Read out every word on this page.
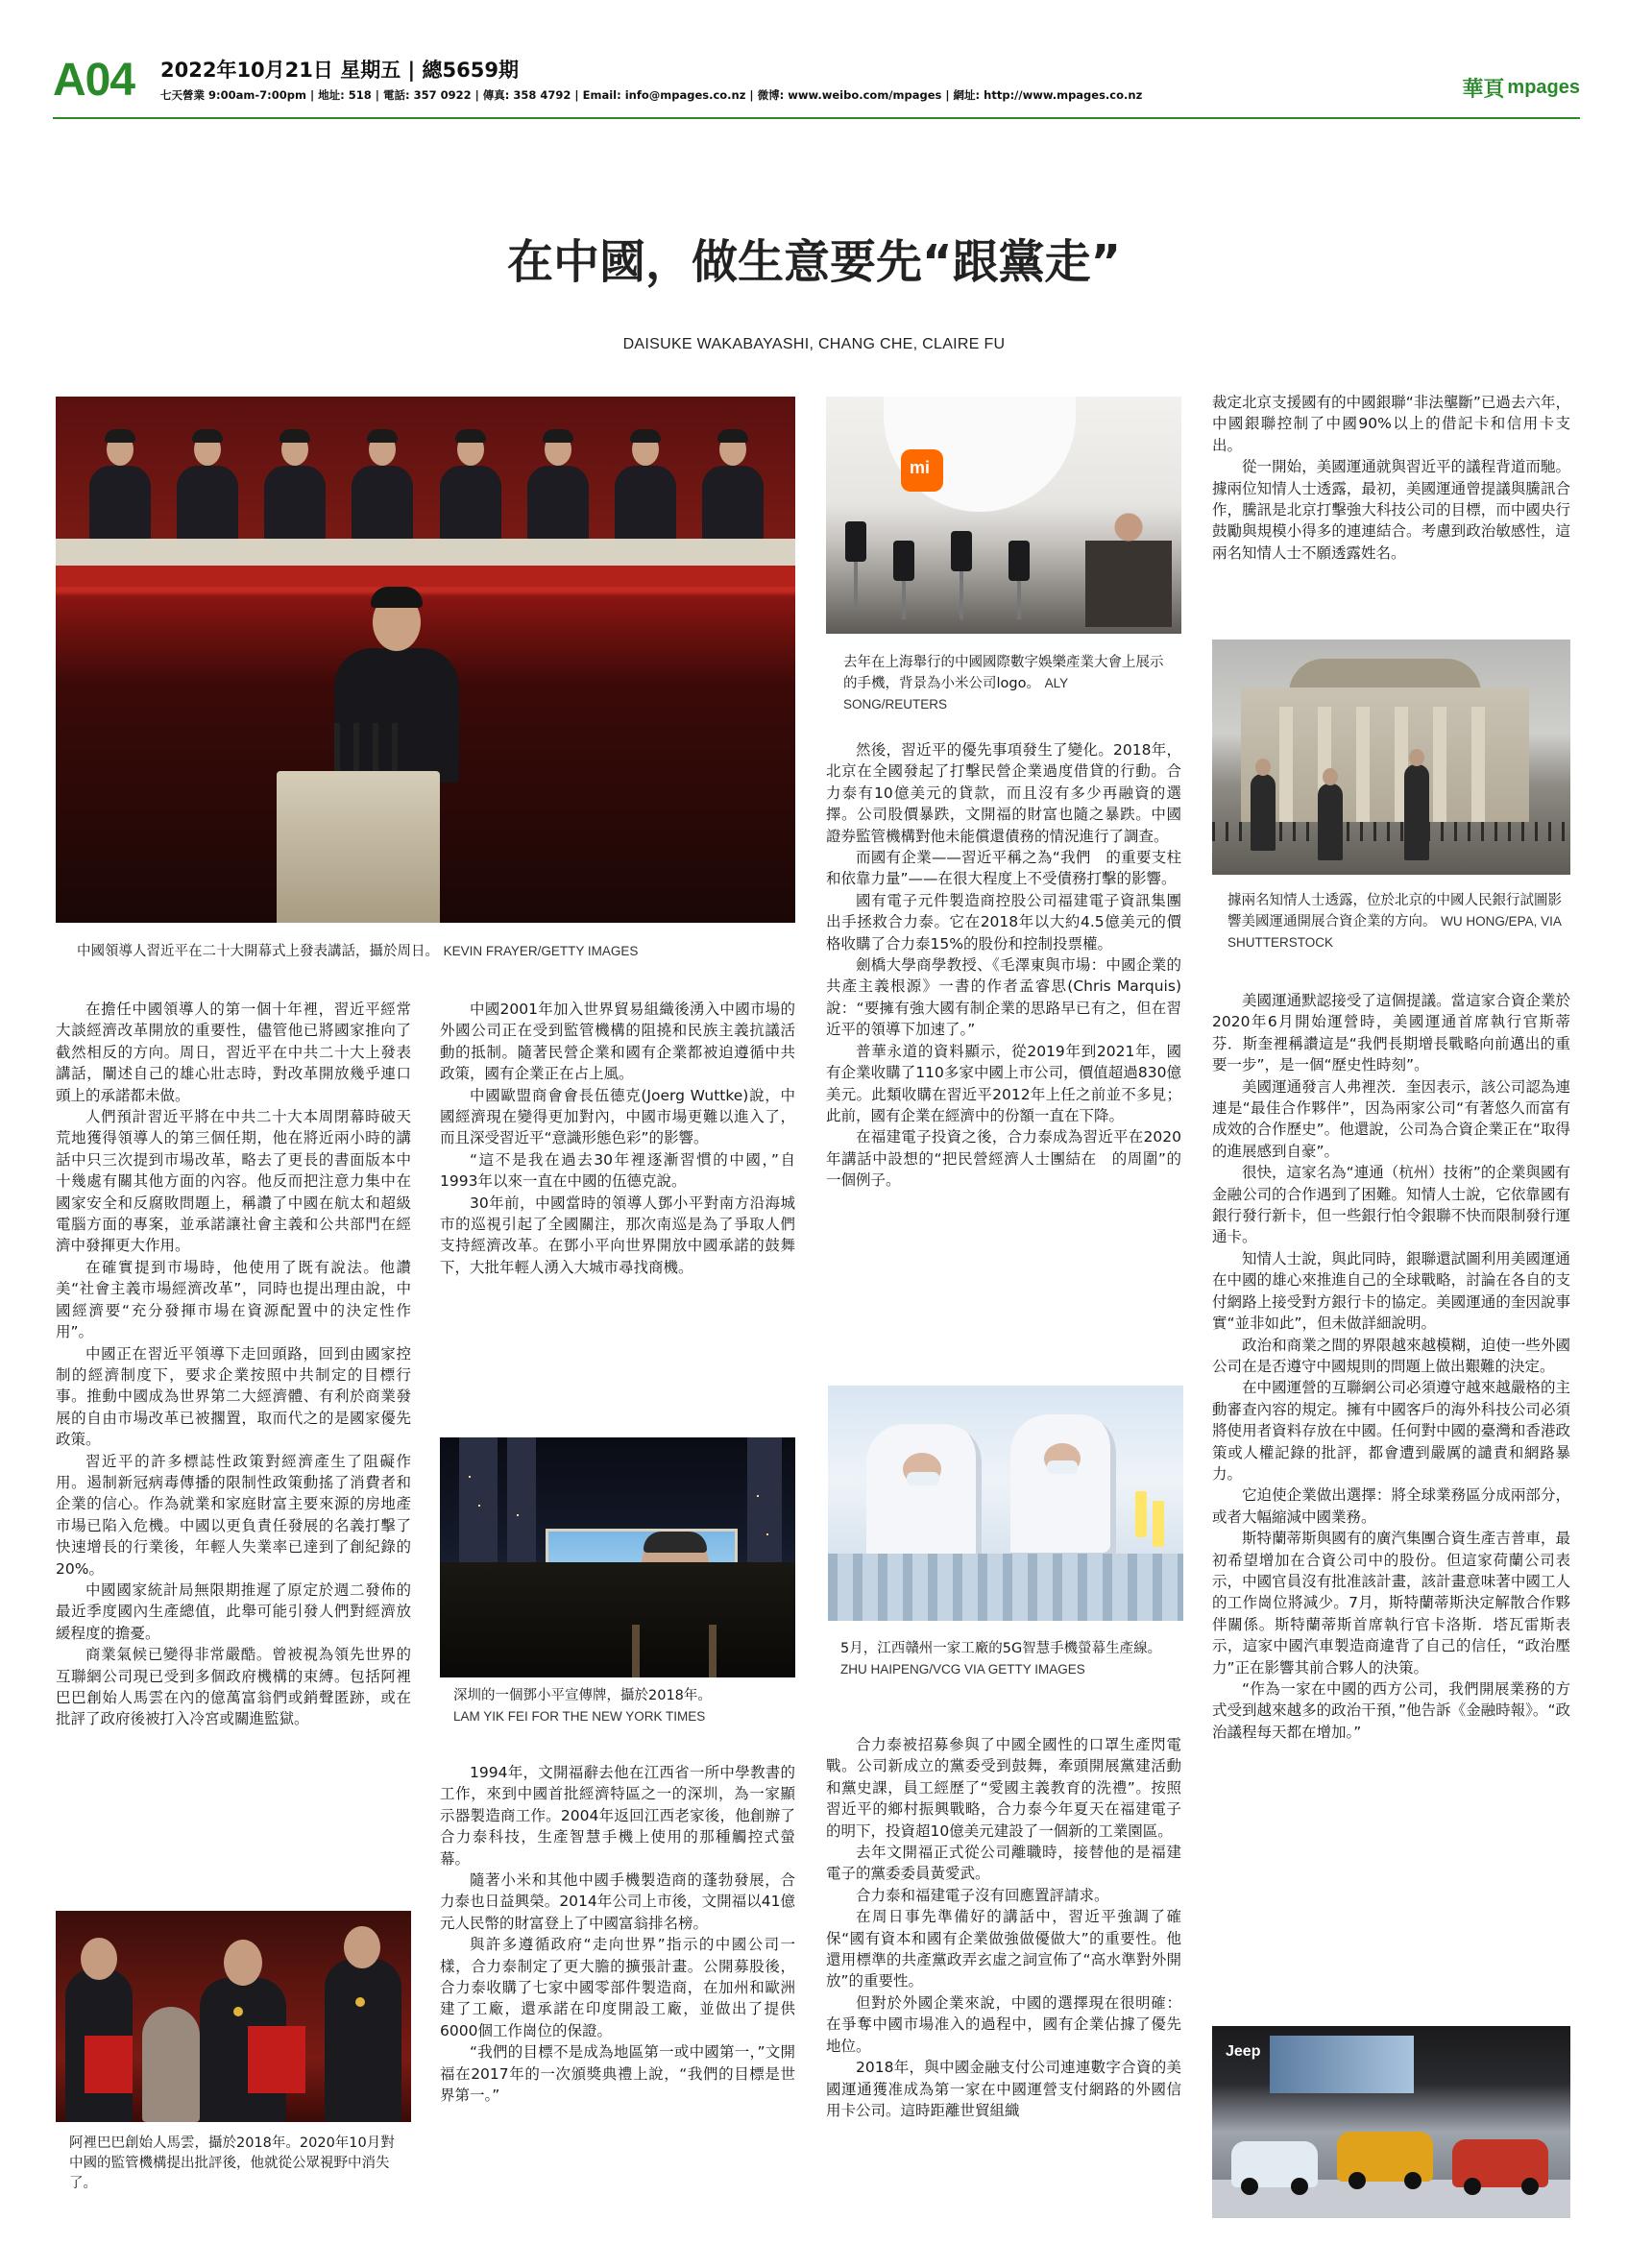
A04 2022年10月21日 星期五 | 總5659期
七天營業 9:00am-7:00pm | 地址: 518 | 電話: 357 0922 | 傳真: 358 4792 | Email: info@mpages.co.nz | 微博: www.weibo.com/mpages | 網址: http://www.mpages.co.nz	華頁 mpages
在中國，做生意要先“跟黨走”
DAISUKE WAKABAYASHI, CHANG CHE, CLAIRE FU
中國領導人習近平在二十大開幕式上發表講話，攝於周日。 KEVIN FRAYER/GETTY IMAGES

在擔任中國領導人的第一個十年裡，習近平經常大談經濟改革開放的重要性，儘管他已將國家推向了截然相反的方向。周日，習近平在中共二十大上發表講話，闡述自己的雄心壯志時，對改革開放幾乎連口頭上的承諾都未做。

人們預計習近平將在中共二十大本周閉幕時破天荒地獲得領導人的第三個任期，他在將近兩小時的講話中只三次提到市場改革，略去了更長的書面版本中十幾處有關其他方面的內容。他反而把注意力集中在國家安全和反腐敗問題上，稱讚了中國在航太和超級電腦方面的專案，並承諾讓社會主義和公共部門在經濟中發揮更大作用。

在確實提到市場時，他使用了既有說法。他讚美“社會主義市場經濟改革”，同時也提出理由說，中國經濟要“充分發揮市場在資源配置中的決定性作用”。

中國正在習近平領導下走回頭路，回到由國家控制的經濟制度下，要求企業按照中共制定的目標行事。推動中國成為世界第二大經濟體、有利於商業發展的自由市場改革已被擱置，取而代之的是國家優先政策。

習近平的許多標誌性政策對經濟產生了阻礙作用。遏制新冠病毒傳播的限制性政策動搖了消費者和企業的信心。作為就業和家庭財富主要來源的房地產市場已陷入危機。中國以更負責任發展的名義打擊了快速增長的行業後，年輕人失業率已達到了創紀錄的20%。

中國國家統計局無限期推遲了原定於週二發佈的最近季度國內生產總值，此舉可能引發人們對經濟放緩程度的擔憂。

商業氣候已變得非常嚴酷。曾被視為領先世界的互聯網公司現已受到多個政府機構的束縛。包括阿裡巴巴創始人馬雲在內的億萬富翁們或銷聲匿跡，或在批評了政府後被打入冷宮或關進監獄。

阿裡巴巴創始人馬雲，攝於2018年。2020年10月對中國的監管機構提出批評後，他就從公眾視野中消失了。

中國2001年加入世界貿易組織後湧入中國市場的外國公司正在受到監管機構的阻撓和民族主義抗議活動的抵制。隨著民營企業和國有企業都被迫遵循中共政策，國有企業正在占上風。

中國歐盟商會會長伍德克(Joerg Wuttke)說，中國經濟現在變得更加對內，中國市場更難以進入了，而且深受習近平“意識形態色彩”的影響。

“這不是我在過去30年裡逐漸習慣的中國，”自1993年以來一直在中國的伍德克說。

30年前，中國當時的領導人鄧小平對南方沿海城市的巡視引起了全國關注，那次南巡是為了爭取人們支持經濟改革。在鄧小平向世界開放中國承諾的鼓舞下，大批年輕人湧入大城市尋找商機。

深圳的一個鄧小平宣傳牌，攝於2018年。
LAM YIK FEI FOR THE NEW YORK TIMES

1994年，文開福辭去他在江西省一所中學教書的工作，來到中國首批經濟特區之一的深圳，為一家顯示器製造商工作。2004年返回江西老家後，他創辦了合力泰科技，生產智慧手機上使用的那種觸控式螢幕。

隨著小米和其他中國手機製造商的蓬勃發展，合力泰也日益興榮。2014年公司上市後，文開福以41億元人民幣的財富登上了中國富翁排名榜。

與許多遵循政府“走向世界”指示的中國公司一樣，合力泰制定了更大膽的擴張計畫。公開募股後，合力泰收購了七家中國零部件製造商，在加州和歐洲建了工廠，還承諾在印度開設工廠，並做出了提供6000個工作崗位的保證。

“我們的目標不是成為地區第一或中國第一，”文開福在2017年的一次頒獎典禮上說，“我們的目標是世界第一。”

mi
去年在上海舉行的中國國際數字娛樂產業大會上展示的手機，背景為小米公司logo。 ALY SONG/REUTERS

然後，習近平的優先事項發生了變化。2018年，北京在全國發起了打擊民營企業過度借貸的行動。合力泰有10億美元的貸款，而且沒有多少再融資的選擇。公司股價暴跌，文開福的財富也隨之暴跌。中國證券監管機構對他未能償還債務的情況進行了調查。

而國有企業——習近平稱之為“我們　的重要支柱和依靠力量”——在很大程度上不受債務打擊的影響。

國有電子元件製造商控股公司福建電子資訊集團出手拯救合力泰。它在2018年以大約4.5億美元的價格收購了合力泰15%的股份和控制投票權。

劍橋大學商學教授、《毛澤東與市場：中國企業的共產主義根源》一書的作者孟睿思(Chris Marquis)說：“要擁有強大國有制企業的思路早已有之，但在習近平的領導下加速了。”

普華永道的資料顯示，從2019年到2021年，國有企業收購了110多家中國上市公司，價值超過830億美元。此類收購在習近平2012年上任之前並不多見；此前，國有企業在經濟中的份額一直在下降。

在福建電子投資之後，合力泰成為習近平在2020年講話中設想的“把民營經濟人士團結在　的周圍”的一個例子。

5月，江西贛州一家工廠的5G智慧手機螢幕生產線。 ZHU HAIPENG/VCG VIA GETTY IMAGES

合力泰被招募參與了中國全國性的口罩生產閃電戰。公司新成立的黨委受到鼓舞，牽頭開展黨建活動和黨史課，員工經歷了“愛國主義教育的洗禮”。按照習近平的鄉村振興戰略，合力泰今年夏天在福建電子的明下，投資超10億美元建設了一個新的工業園區。

去年文開福正式從公司離職時，接替他的是福建電子的黨委委員黃愛武。

合力泰和福建電子沒有回應置評請求。

在周日事先準備好的講話中，習近平強調了確保“國有資本和國有企業做強做優做大”的重要性。他還用標準的共產黨政弄玄虛之詞宣佈了“高水準對外開放”的重要性。

但對於外國企業來說，中國的選擇現在很明確：在爭奪中國市場准入的過程中，國有企業佔據了優先地位。

2018年，與中國金融支付公司連連數字合資的美國運通獲准成為第一家在中國運營支付網路的外國信用卡公司。這時距離世貿組織

裁定北京支援國有的中國銀聯“非法壟斷”已過去六年，中國銀聯控制了中國90%以上的借記卡和信用卡支出。

從一開始，美國運通就與習近平的議程背道而馳。據兩位知情人士透露，最初，美國運通曾提議與騰訊合作，騰訊是北京打擊強大科技公司的目標，而中國央行鼓勵與規模小得多的連連結合。考慮到政治敏感性，這兩名知情人士不願透露姓名。

據兩名知情人士透露，位於北京的中國人民銀行試圖影響美國運通開展合資企業的方向。 WU HONG/EPA, VIA SHUTTERSTOCK

美國運通默認接受了這個提議。當這家合資企業於2020年6月開始運營時，美國運通首席執行官斯蒂芬．斯奎裡稱讚這是“我們長期增長戰略向前邁出的重要一步”，是一個“歷史性時刻”。

美國運通發言人弗裡茨．奎因表示，該公司認為連連是“最佳合作夥伴”，因為兩家公司“有著悠久而富有成效的合作歷史”。他還說，公司為合資企業正在“取得的進展感到自豪”。

很快，這家名為“連通（杭州）技術”的企業與國有金融公司的合作遇到了困難。知情人士說，它依靠國有銀行發行新卡，但一些銀行怕令銀聯不快而限制發行運通卡。

知情人士說，與此同時，銀聯還試圖利用美國運通在中國的雄心來推進自己的全球戰略，討論在各自的支付網路上接受對方銀行卡的協定。美國運通的奎因說事實“並非如此”，但未做詳細說明。

政治和商業之間的界限越來越模糊，迫使一些外國公司在是否遵守中國規則的問題上做出艱難的決定。

在中國運營的互聯網公司必須遵守越來越嚴格的主動審查內容的規定。擁有中國客戶的海外科技公司必須將使用者資料存放在中國。任何對中國的臺灣和香港政策或人權記錄的批評，都會遭到嚴厲的譴責和網路暴力。

它迫使企業做出選擇：將全球業務區分成兩部分，或者大幅縮減中國業務。

斯特蘭蒂斯與國有的廣汽集團合資生產吉普車，最初希望增加在合資公司中的股份。但這家荷蘭公司表示，中國官員沒有批准該計畫，該計畫意味著中國工人的工作崗位將減少。7月，斯特蘭蒂斯決定解散合作夥伴關係。斯特蘭蒂斯首席執行官卡洛斯．塔瓦雷斯表示，這家中國汽車製造商違背了自己的信任，“政治壓力”正在影響其前合夥人的決策。

“作為一家在中國的西方公司，我們開展業務的方式受到越來越多的政治干預，”他告訴《金融時報》。“政治議程每天都在增加。”

Jeep
